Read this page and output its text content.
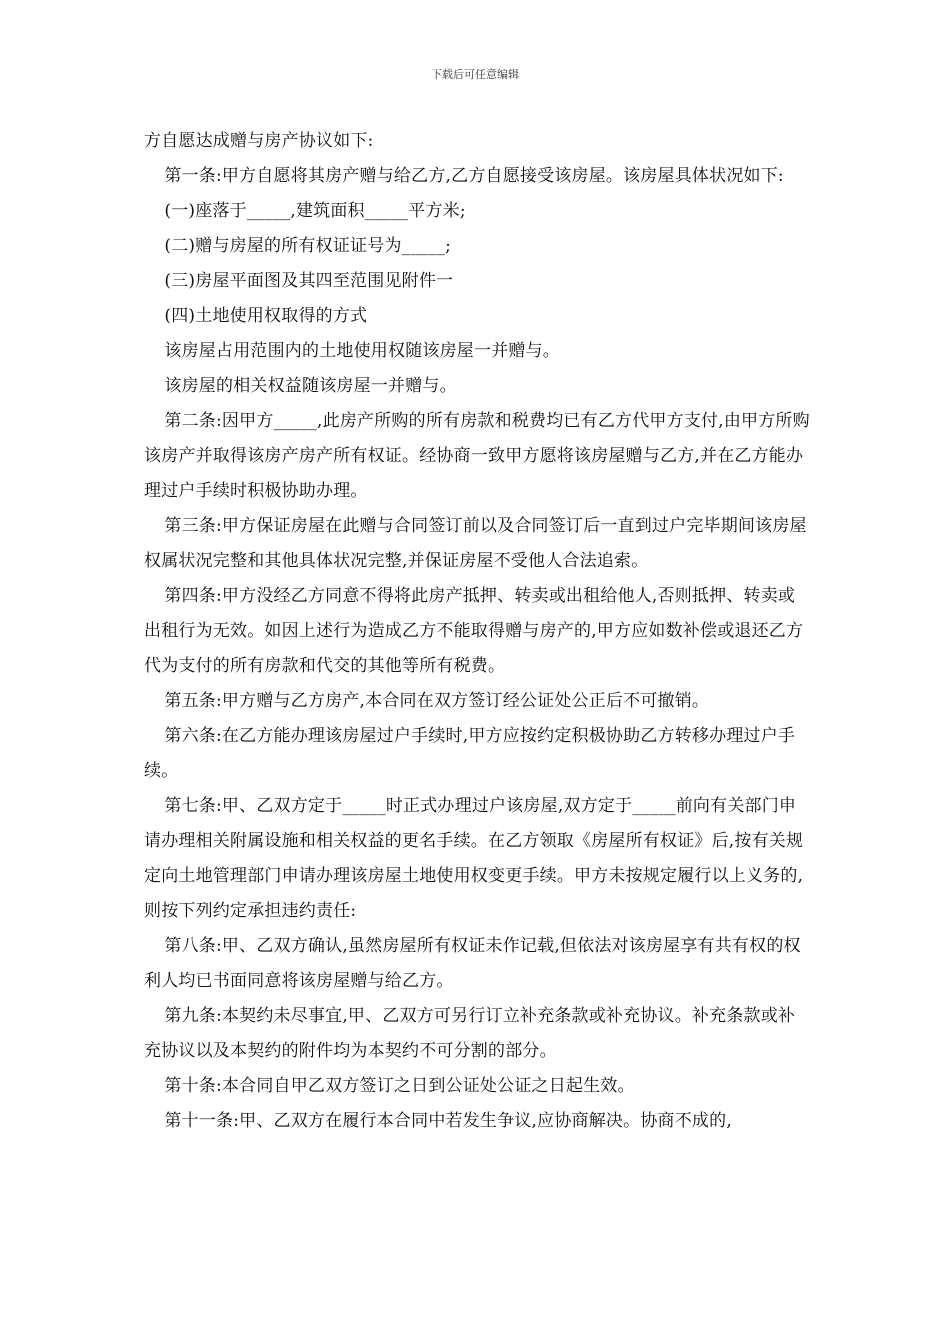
下载后可任意编辑

方自愿达成赠与房产协议如下:

第一条:甲方自愿将其房产赠与给乙方,乙方自愿接受该房屋。该房屋具体状况如下:

(一)座落于_____,建筑面积_____平方米;

(二)赠与房屋的所有权证证号为_____;

(三)房屋平面图及其四至范围见附件一

(四)土地使用权取得的方式

该房屋占用范围内的土地使用权随该房屋一并赠与。

该房屋的相关权益随该房屋一并赠与。

第二条:因甲方_____,此房产所购的所有房款和税费均已有乙方代甲方支付,由甲方所购该房产并取得该房产房产所有权证。经协商一致甲方愿将该房屋赠与乙方,并在乙方能办理过户手续时积极协助办理。

第三条:甲方保证房屋在此赠与合同签订前以及合同签订后一直到过户完毕期间该房屋权属状况完整和其他具体状况完整,并保证房屋不受他人合法追索。

第四条:甲方没经乙方同意不得将此房产抵押、转卖或出租给他人,否则抵押、转卖或出租行为无效。如因上述行为造成乙方不能取得赠与房产的,甲方应如数补偿或退还乙方代为支付的所有房款和代交的其他等所有税费。

第五条:甲方赠与乙方房产,本合同在双方签订经公证处公正后不可撤销。

第六条:在乙方能办理该房屋过户手续时,甲方应按约定积极协助乙方转移办理过户手续。

第七条:甲、乙双方定于_____时正式办理过户该房屋,双方定于_____前向有关部门申请办理相关附属设施和相关权益的更名手续。在乙方领取《房屋所有权证》后,按有关规定向土地管理部门申请办理该房屋土地使用权变更手续。甲方未按规定履行以上义务的,则按下列约定承担违约责任:

第八条:甲、乙双方确认,虽然房屋所有权证未作记载,但依法对该房屋享有共有权的权利人均已书面同意将该房屋赠与给乙方。

第九条:本契约未尽事宜,甲、乙双方可另行订立补充条款或补充协议。补充条款或补充协议以及本契约的附件均为本契约不可分割的部分。

第十条:本合同自甲乙双方签订之日到公证处公证之日起生效。

第十一条:甲、乙双方在履行本合同中若发生争议,应协商解决。协商不成的,
